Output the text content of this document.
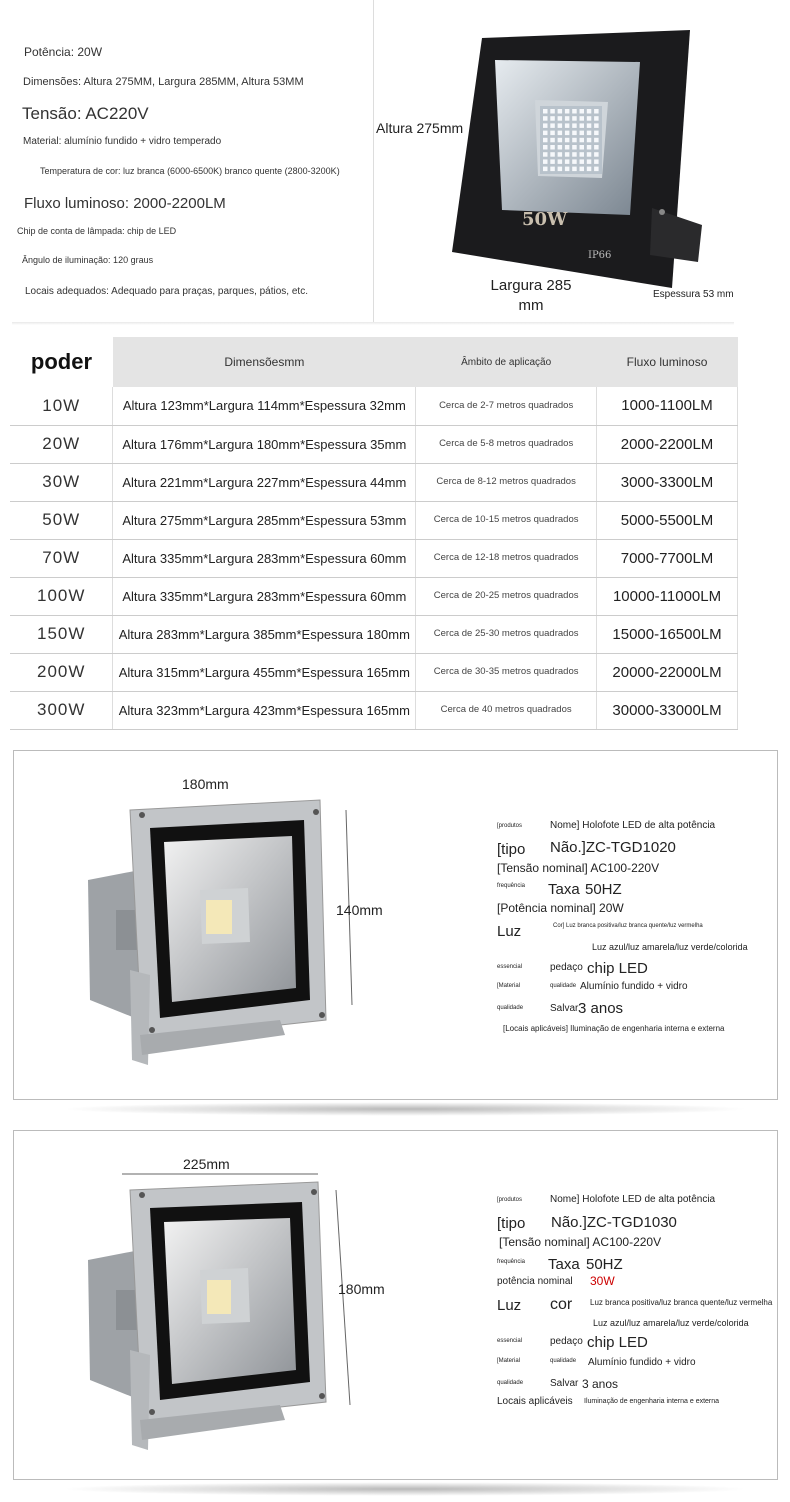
Potência: 20W
Dimensões: Altura 275MM, Largura 285MM, Altura 53MM
Tensão: AC220V
Material: alumínio fundido + vidro temperado
Temperatura de cor: luz branca (6000-6500K) branco quente (2800-3200K)
Fluxo luminoso: 2000-2200LM
Chip de conta de lâmpada: chip de LED
Ângulo de iluminação: 120 graus
Locais adequados: Adequado para praças, parques, pátios, etc.
50W
IP66
Altura 275mm
Largura 285 mm
Espessura 53 mm
poder	Dimensõesmm	Âmbito de aplicação	Fluxo luminoso
10W	Altura 123mm*Largura 114mm*Espessura 32mm	Cerca de 2-7 metros quadrados	1000-1100LM
20W	Altura 176mm*Largura 180mm*Espessura 35mm	Cerca de 5-8 metros quadrados	2000-2200LM
30W	Altura 221mm*Largura 227mm*Espessura 44mm	Cerca de 8-12 metros quadrados	3000-3300LM
50W	Altura 275mm*Largura 285mm*Espessura 53mm	Cerca de 10-15 metros quadrados	5000-5500LM
70W	Altura 335mm*Largura 283mm*Espessura 60mm	Cerca de 12-18 metros quadrados	7000-7700LM
100W	Altura 335mm*Largura 283mm*Espessura 60mm	Cerca de 20-25 metros quadrados	10000-11000LM
150W	Altura 283mm*Largura 385mm*Espessura 180mm	Cerca de 25-30 metros quadrados	15000-16500LM
200W	Altura 315mm*Largura 455mm*Espessura 165mm	Cerca de 30-35 metros quadrados	20000-22000LM
300W	Altura 323mm*Largura 423mm*Espessura 165mm	Cerca de 40 metros quadrados	30000-33000LM
180mm
140mm
[produtos	Nome] Holofote LED de alta potência
[tipo Não.]ZC-TGD1020
[Tensão nominal] AC100-220V
frequência Taxa 50HZ
[Potência nominal] 20W
Luz	Cor] Luz branca positiva/luz branca quente/luz vermelha
Luz azul/luz amarela/luz verde/colorida
essencial	pedaço chip LED
[Material	qualidade Alumínio fundido + vidro
qualidade	Salvar 3 anos
[Locais aplicáveis] Iluminação de engenharia interna e externa
225mm
180mm
[produtos	Nome] Holofote LED de alta potência
[tipo Não.]ZC-TGD1030
[Tensão nominal] AC100-220V
frequência Taxa 50HZ
potência nominal 30W
Luz cor Luz branca positiva/luz branca quente/luz vermelha
Luz azul/luz amarela/luz verde/colorida
essencial	pedaço chip LED
[Material	qualidade Alumínio fundido + vidro
qualidade	Salvar 3 anos
Locais aplicáveis Iluminação de engenharia interna e externa
